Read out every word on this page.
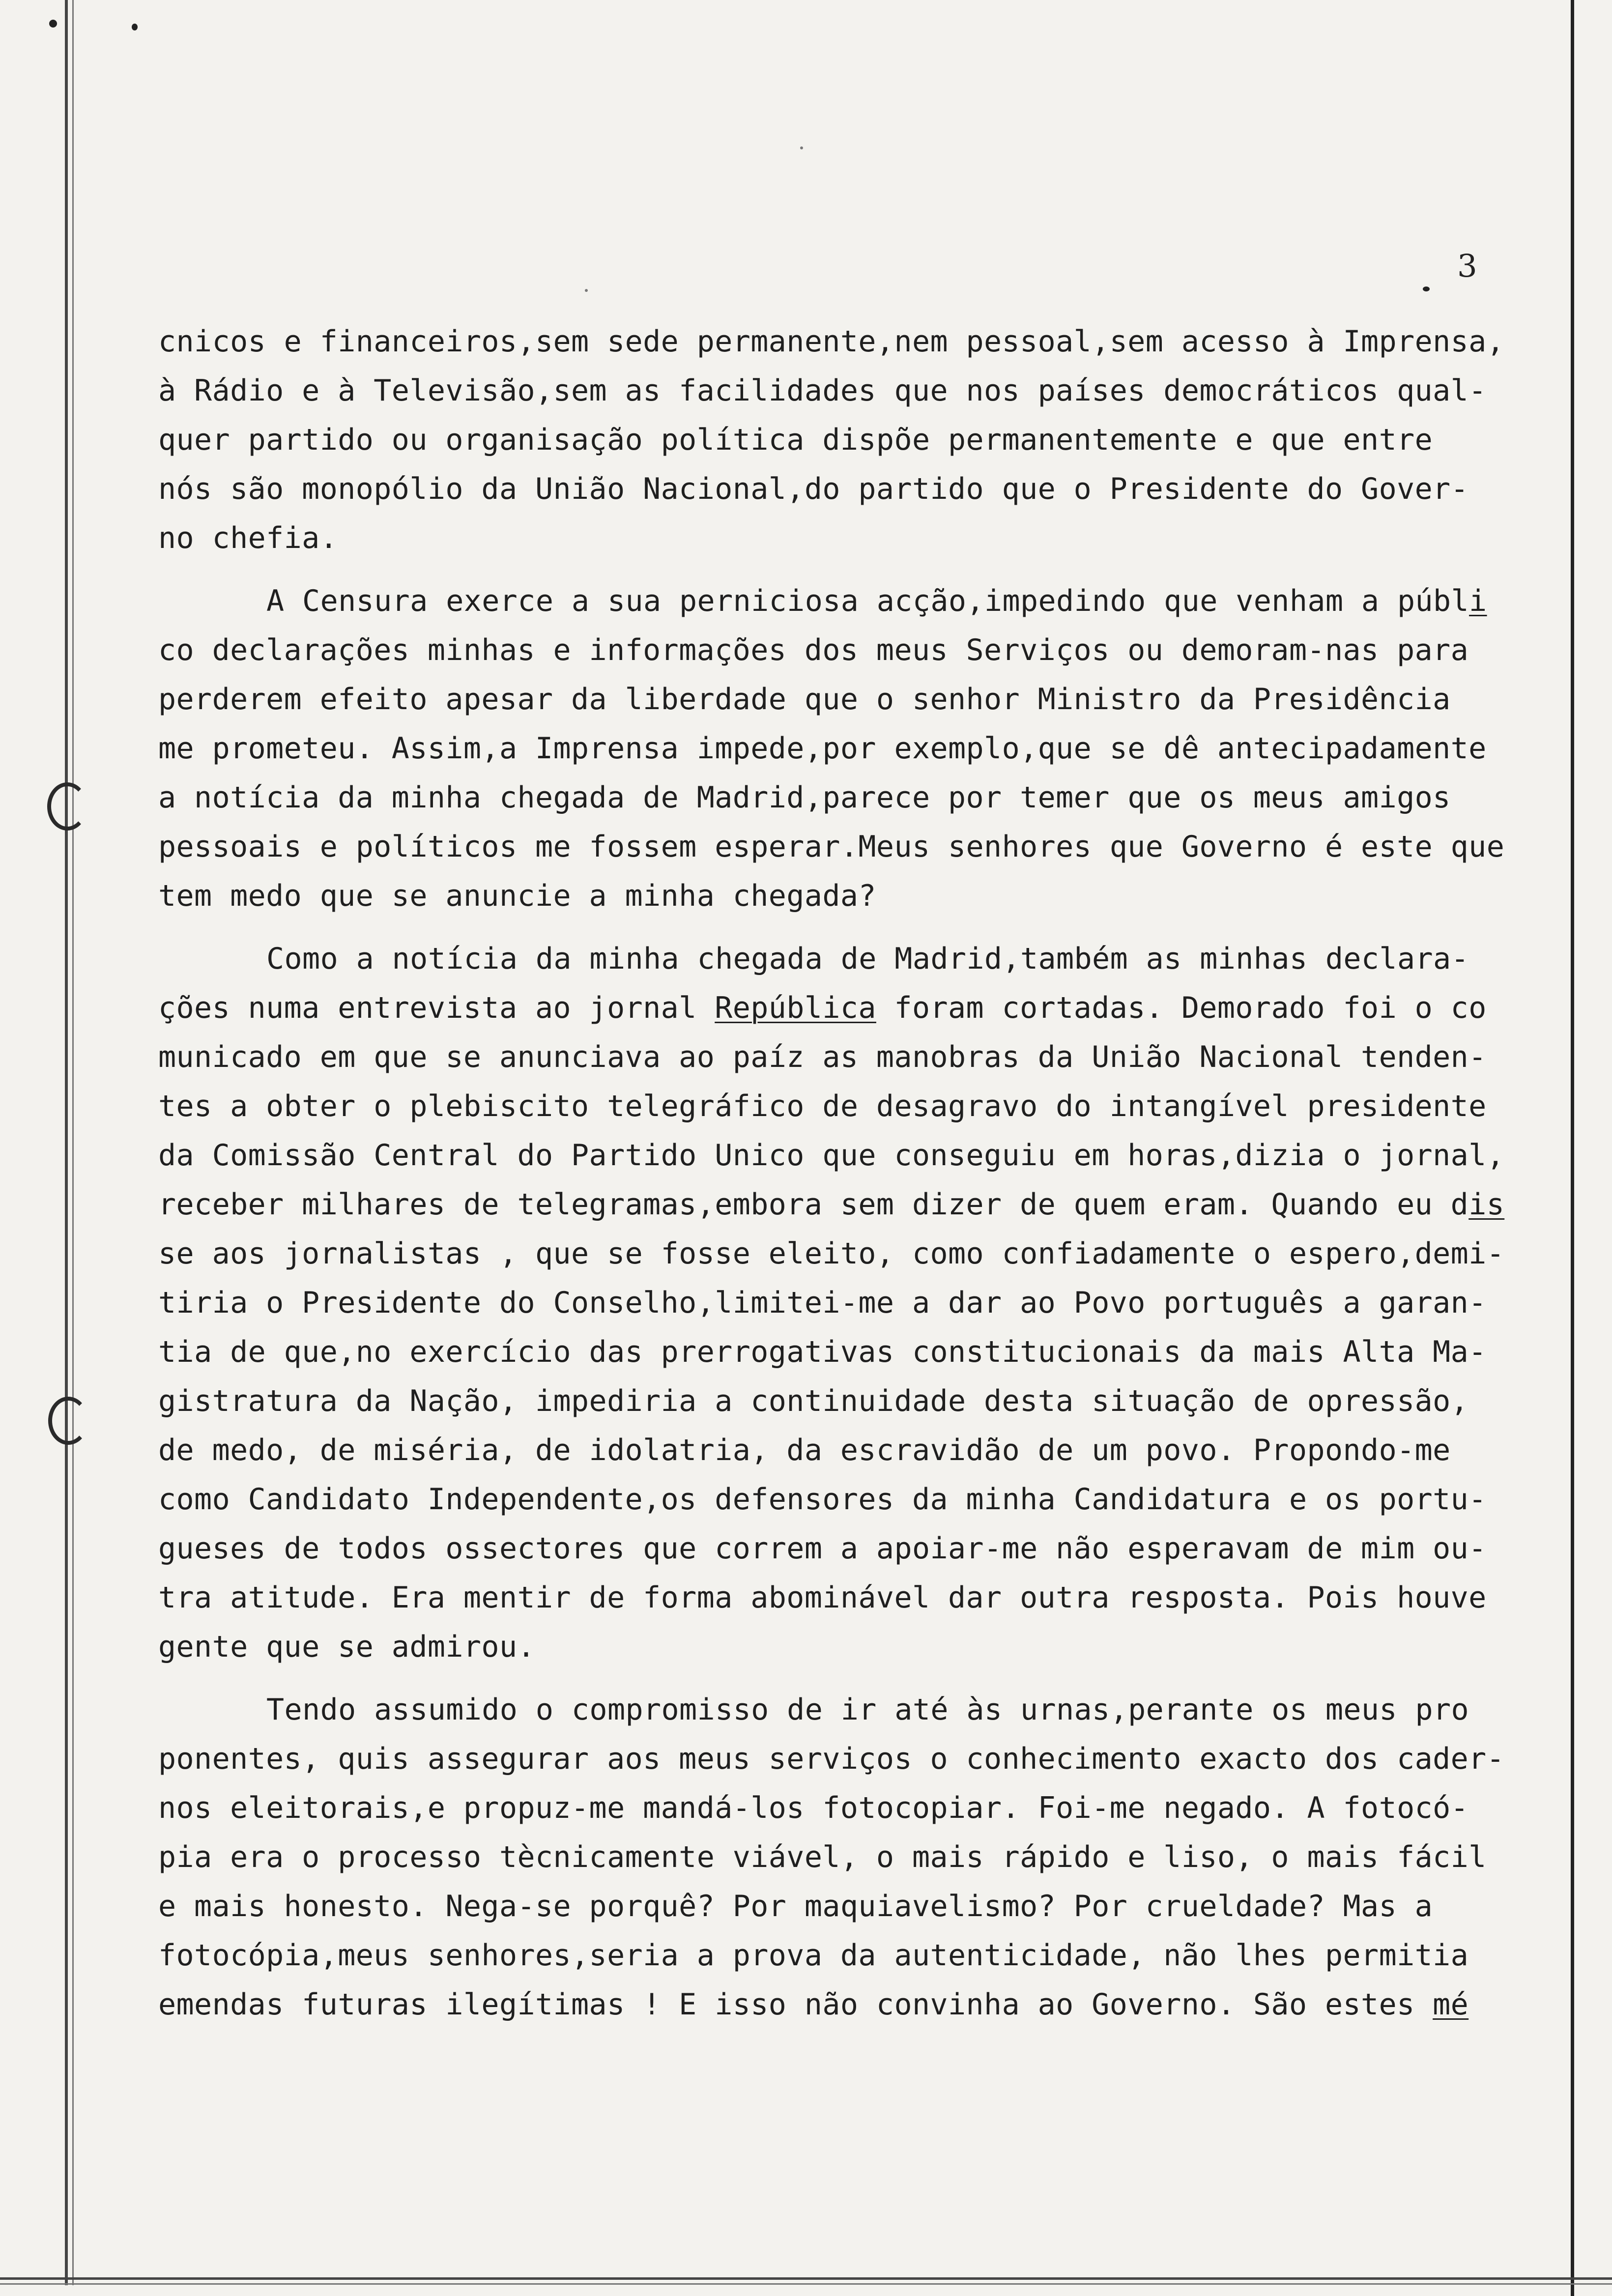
3
cnicos e financeiros,sem sede permanente,nem pessoal,sem acesso à Imprensa,
à Rádio e à Televisão,sem as facilidades que nos países democráticos qual-
quer partido ou organisação política dispõe permanentemente e que entre
nós são monopólio da União Nacional,do partido que o Presidente do Gover-
no chefia.
A Censura exerce a sua perniciosa acção,impedindo que venham a públi
co declarações minhas e informações dos meus Serviços ou demoram-nas para
perderem efeito apesar da liberdade que o senhor Ministro da Presidência
me prometeu. Assim,a Imprensa impede,por exemplo,que se dê antecipadamente
a notícia da minha chegada de Madrid,parece por temer que os meus amigos
pessoais e políticos me fossem esperar.Meus senhores que Governo é este que
tem medo que se anuncie a minha chegada?
Como a notícia da minha chegada de Madrid,também as minhas declara-
ções numa entrevista ao jornal República foram cortadas. Demorado foi o co
municado em que se anunciava ao paíz as manobras da União Nacional tenden-
tes a obter o plebiscito telegráfico de desagravo do intangível presidente
da Comissão Central do Partido Unico que conseguiu em horas,dizia o jornal,
receber milhares de telegramas,embora sem dizer de quem eram. Quando eu dis
se aos jornalistas , que se fosse eleito, como confiadamente o espero,demi-
tiria o Presidente do Conselho,limitei-me a dar ao Povo português a garan-
tia de que,no exercício das prerrogativas constitucionais da mais Alta Ma-
gistratura da Nação, impediria a continuidade desta situação de opressão,
de medo, de miséria, de idolatria, da escravidão de um povo. Propondo-me
como Candidato Independente,os defensores da minha Candidatura e os portu-
gueses de todos ossectores que correm a apoiar-me não esperavam de mim ou-
tra atitude. Era mentir de forma abominável dar outra resposta. Pois houve
gente que se admirou.
Tendo assumido o compromisso de ir até às urnas,perante os meus pro
ponentes, quis assegurar aos meus serviços o conhecimento exacto dos cader-
nos eleitorais,e propuz-me mandá-los fotocopiar. Foi-me negado. A fotocó-
pia era o processo tècnicamente viável, o mais rápido e liso, o mais fácil
e mais honesto. Nega-se porquê? Por maquiavelismo? Por crueldade? Mas a
fotocópia,meus senhores,seria a prova da autenticidade, não lhes permitia
emendas futuras ilegítimas ! E isso não convinha ao Governo. São estes mé
